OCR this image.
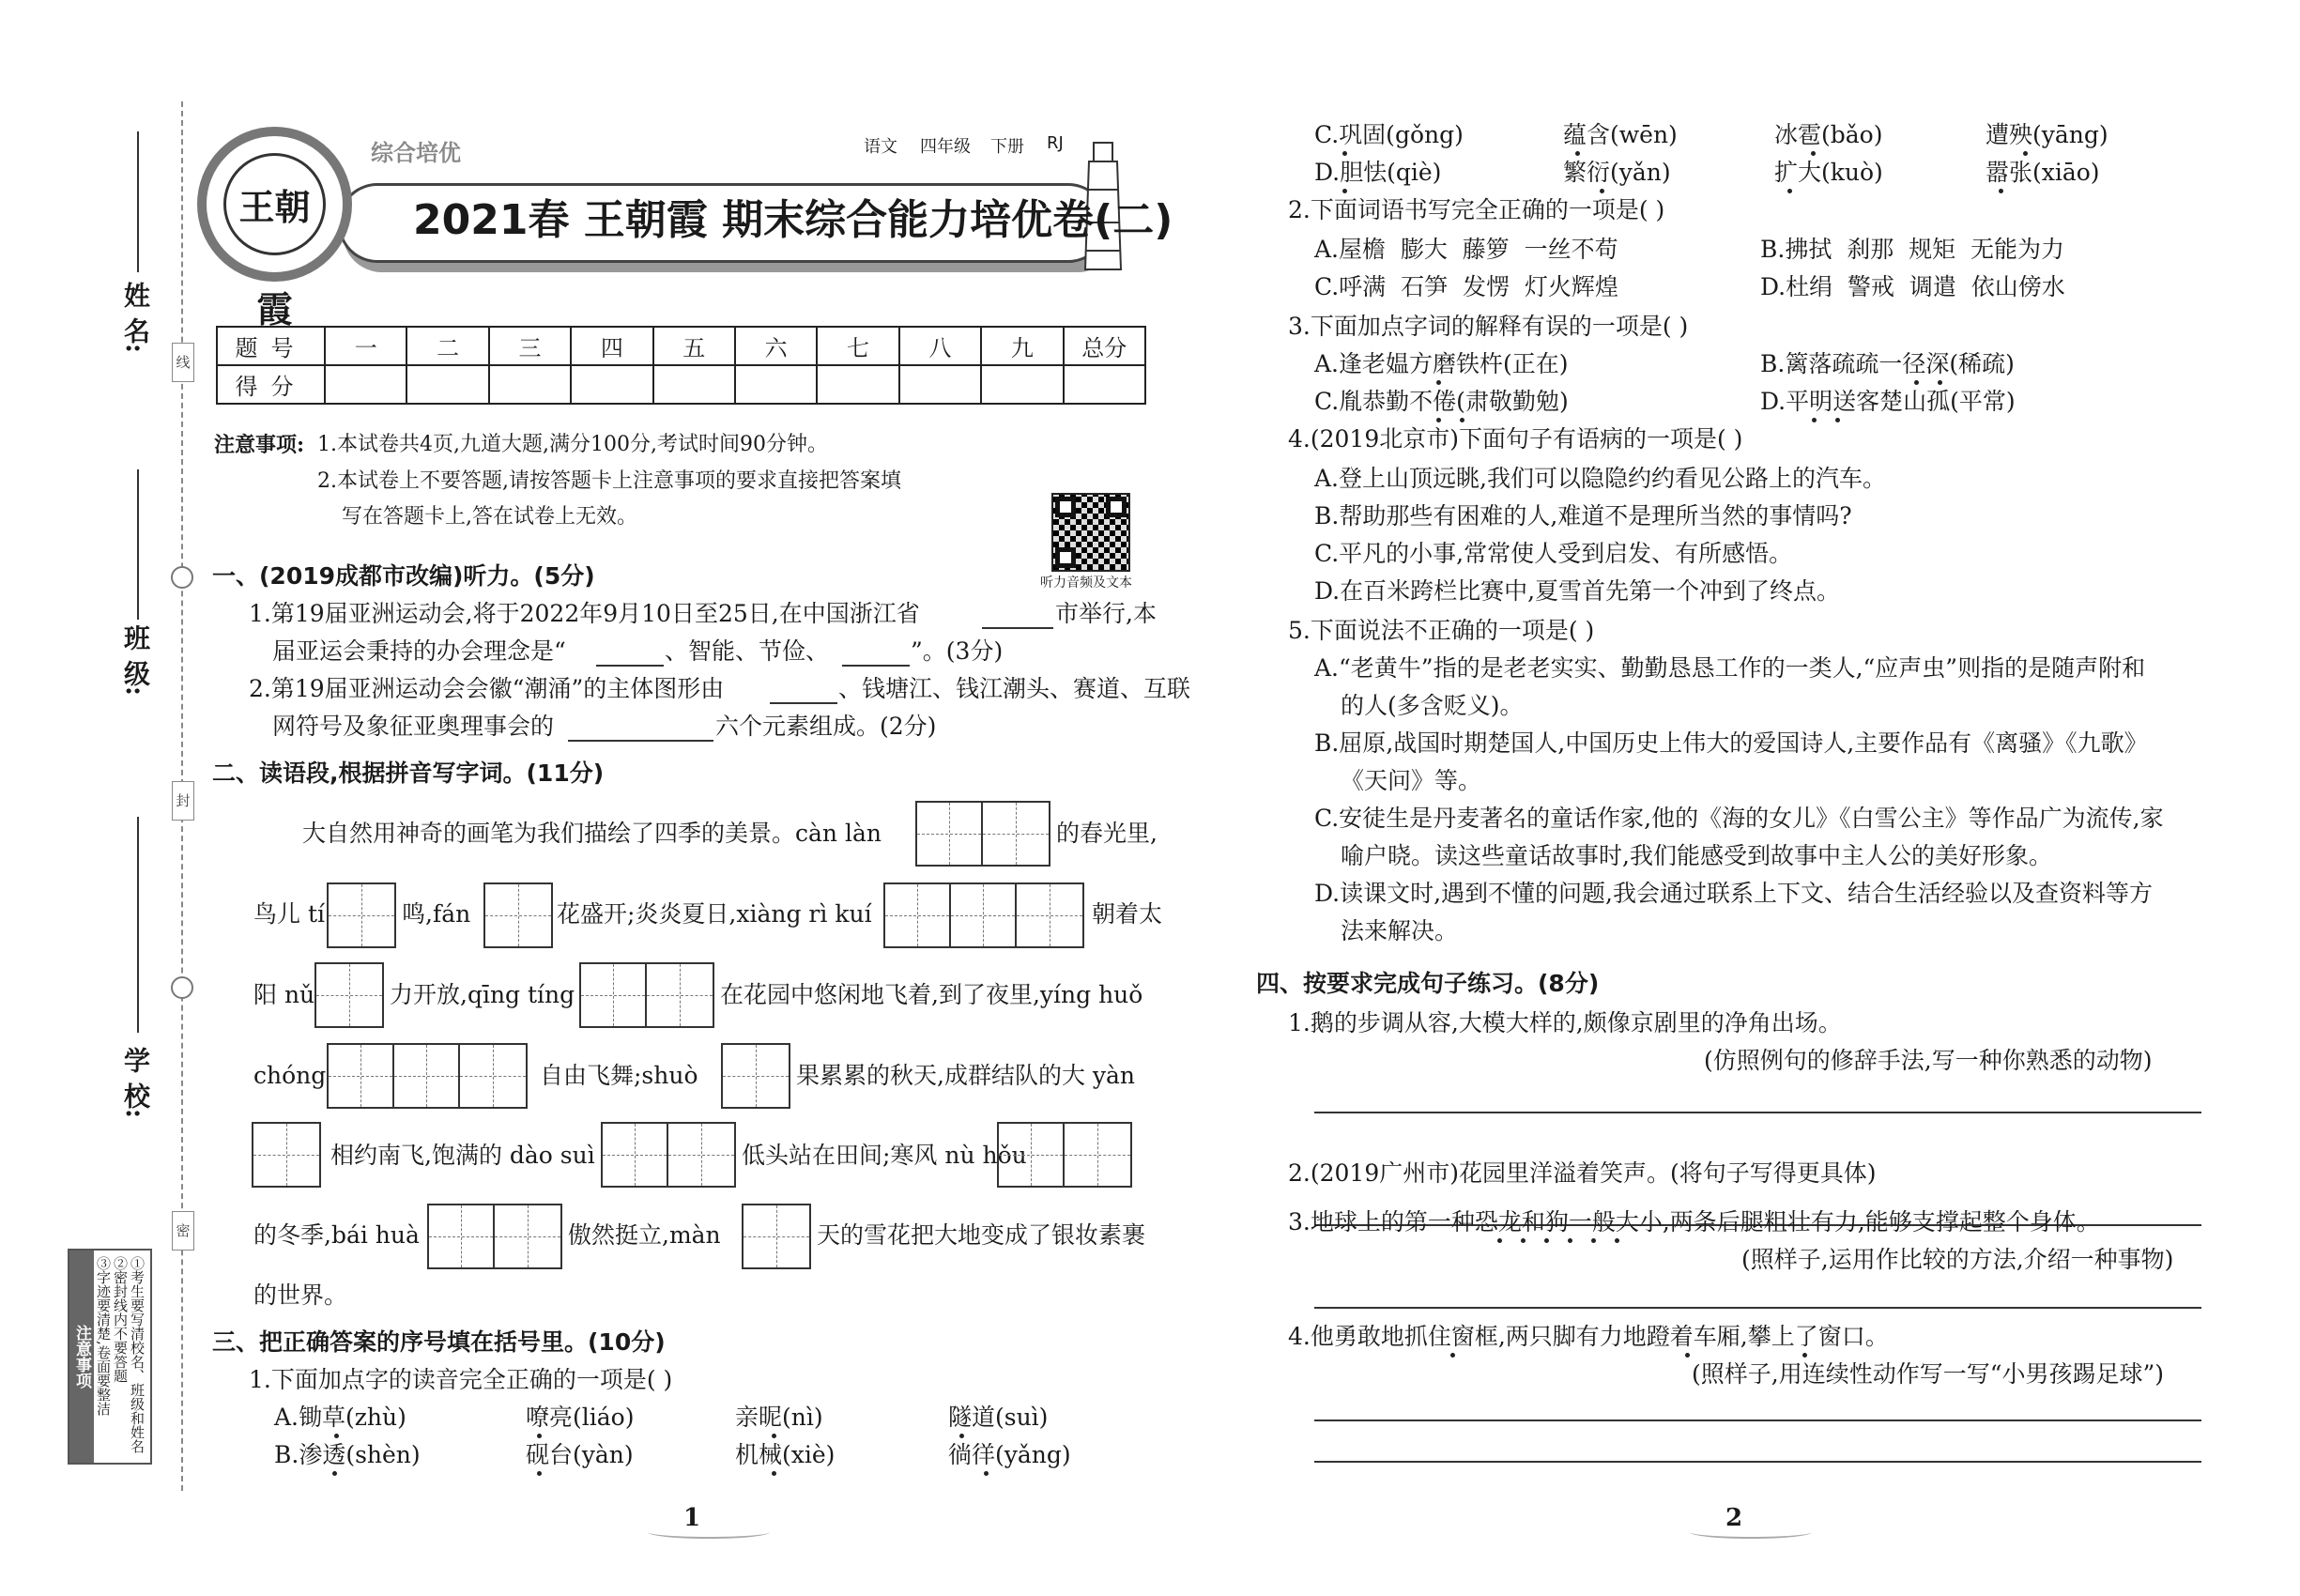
线
封
密
姓 名:
班 级:
学 校:
注意事项	①考生要写清校名、班级和姓名
②密封线内不要答题
③字迹要清楚,卷面要整洁
王朝霞
综合培优	语文 四年级 下册 RJ
2021春 王朝霞 期末综合能力培优卷(二)
题号	一	二	三	四	五	六	七	八	九	总分
得分										
注意事项: 1.本试卷共4页,九道大题,满分100分,考试时间90分钟。
2.本试卷上不要答题,请按答题卡上注意事项的要求直接把答案填
写在答题卡上,答在试卷上无效。
听力音频及文本
一、(2019成都市改编)听力。(5分)
1.第19届亚洲运动会,将于2022年9月10日至25日,在中国浙江省	市举行,本
届亚运会秉持的办会理念是“	、智能、节俭、	”。(3分)
2.第19届亚洲运动会会徽“潮涌”的主体图形由	、钱塘江、钱江潮头、赛道、互联
网符号及象征亚奥理事会的	六个元素组成。(2分)
二、读语段,根据拼音写字词。(11分)
大自然用神奇的画笔为我们描绘了四季的美景。càn làn	的春光里,
鸟儿 tí	鸣,fán	花盛开;炎炎夏日,xiàng rì kuí	朝着太
阳 nǔ	力开放,qīng tíng	在花园中悠闲地飞着,到了夜里,yíng huǒ
chóng	自由飞舞;shuò	果累累的秋天,成群结队的大 yàn
相约南飞,饱满的 dào suì	低头站在田间;寒风 nù hǒu
的冬季,bái huà	傲然挺立,màn	天的雪花把大地变成了银妆素裹
的世界。
三、把正确答案的序号填在括号里。(10分)
1.下面加点字的读音完全正确的一项是( )
A.锄草(zhù)	嘹亮(liáo)	亲昵(nì)	隧道(suì)
B.渗透(shèn)	砚台(yàn)	机械(xiè)	徜徉(yǎng)
1
C.巩固(gǒng)	蕴含(wēn)	冰雹(bǎo)	遭殃(yāng)
D.胆怯(qiè)	繁衍(yǎn)	扩大(kuò)	嚣张(xiāo)
2.下面词语书写完全正确的一项是( )
A.屋檐  膨大  藤箩  一丝不苟	B.拂拭  刹那  规矩  无能为力
C.呼满  石笋  发愣  灯火辉煌	D.杜绢  警戒  调遣  依山傍水
3.下面加点字词的解释有误的一项是( )
A.逢老媪方磨铁杵(正在)	B.篱落疏疏一径深(稀疏)
C.胤恭勤不倦(肃敬勤勉)	D.平明送客楚山孤(平常)
4.(2019北京市)下面句子有语病的一项是( )
A.登上山顶远眺,我们可以隐隐约约看见公路上的汽车。
B.帮助那些有困难的人,难道不是理所当然的事情吗?
C.平凡的小事,常常使人受到启发、有所感悟。
D.在百米跨栏比赛中,夏雪首先第一个冲到了终点。
5.下面说法不正确的一项是( )
A.“老黄牛”指的是老老实实、勤勤恳恳工作的一类人,“应声虫”则指的是随声附和
的人(多含贬义)。
B.屈原,战国时期楚国人,中国历史上伟大的爱国诗人,主要作品有《离骚》《九歌》
《天问》等。
C.安徒生是丹麦著名的童话作家,他的《海的女儿》《白雪公主》等作品广为流传,家
喻户晓。读这些童话故事时,我们能感受到故事中主人公的美好形象。
D.读课文时,遇到不懂的问题,我会通过联系上下文、结合生活经验以及查资料等方
法来解决。
四、按要求完成句子练习。(8分)
1.鹅的步调从容,大模大样的,颇像京剧里的净角出场。
(仿照例句的修辞手法,写一种你熟悉的动物)
2.(2019广州市)花园里洋溢着笑声。(将句子写得更具体)
3.地球上的第一种恐龙和狗一般大小,两条后腿粗壮有力,能够支撑起整个身体。
(照样子,运用作比较的方法,介绍一种事物)
4.他勇敢地抓住窗框,两只脚有力地蹬着车厢,攀上了窗口。
(照样子,用连续性动作写一写“小男孩踢足球”)
2
